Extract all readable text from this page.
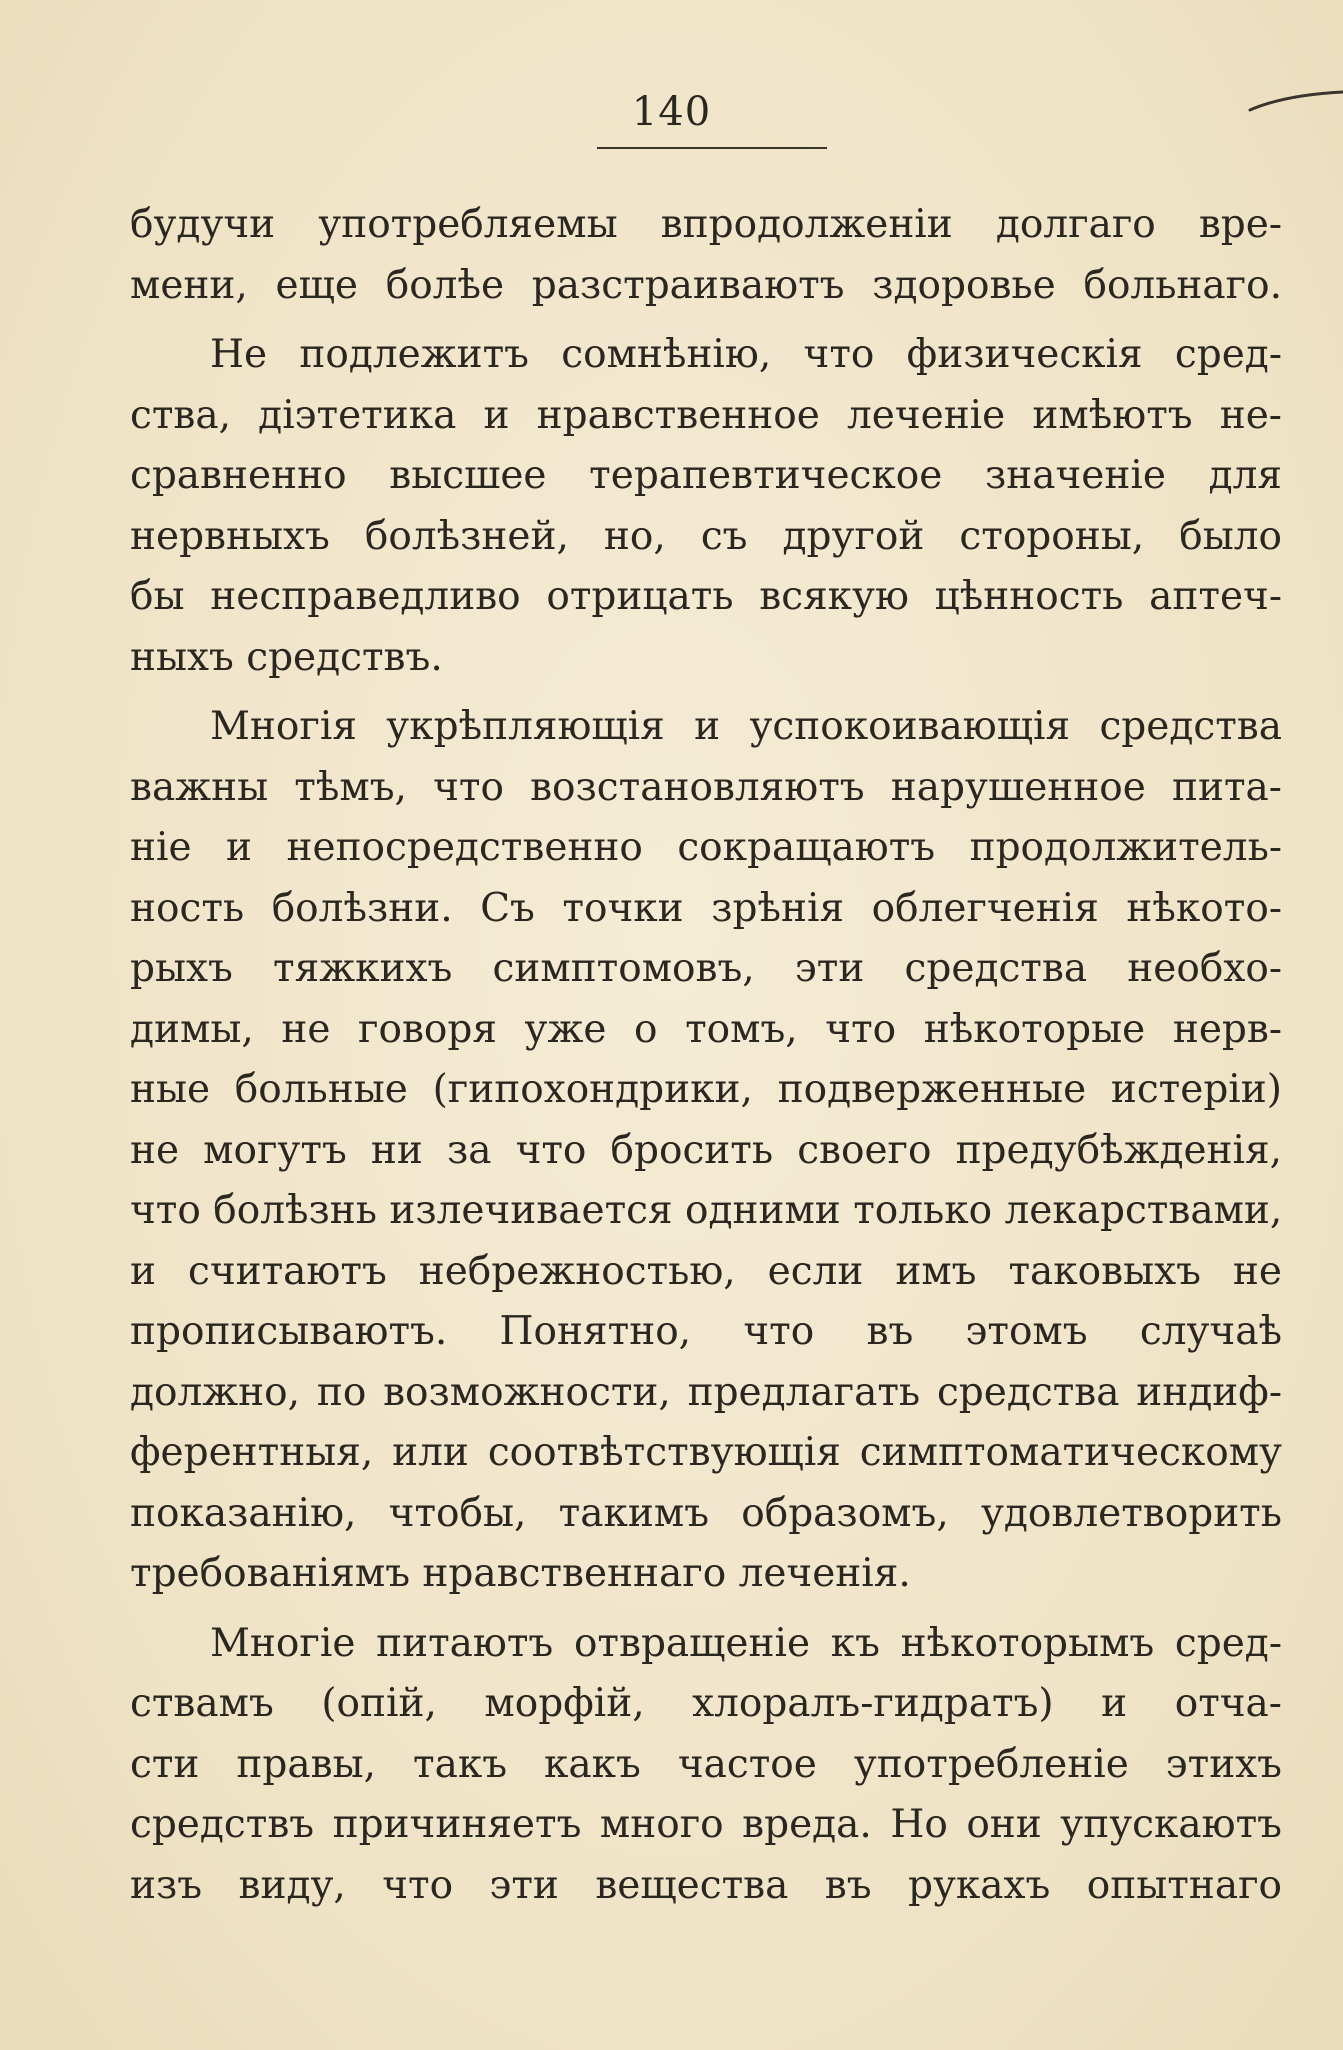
140
будучи употребляемы впродолженіи долгаго вре-
мени, еще болѣе разстраиваютъ здоровье больнаго.
Не подлежитъ сомнѣнію, что физическія сред-
ства, діэтетика и нравственное леченіе имѣютъ не-
сравненно высшее терапевтическое значеніе для
нервныхъ болѣзней, но, съ другой стороны, было
бы несправедливо отрицать всякую цѣнность аптеч-
ныхъ средствъ.
Многія укрѣпляющія и успокоивающія средства
важны тѣмъ, что возстановляютъ нарушенное пита-
ніе и непосредственно сокращаютъ продолжитель-
ность болѣзни. Съ точки зрѣнія облегченія нѣкото-
рыхъ тяжкихъ симптомовъ, эти средства необхо-
димы, не говоря уже о томъ, что нѣкоторые нерв-
ные больные (гипохондрики, подверженные истеріи)
не могутъ ни за что бросить своего предубѣжденія,
что болѣзнь излечивается одними только лекарствами,
и считаютъ небрежностью, если имъ таковыхъ не
прописываютъ. Понятно, что въ этомъ случаѣ
должно, по возможности, предлагать средства индиф-
ферентныя, или соотвѣтствующія симптоматическому
показанію, чтобы, такимъ образомъ, удовлетворить
требованіямъ нравственнаго леченія.
Многіе питаютъ отвращеніе къ нѣкоторымъ сред-
ствамъ (опій, морфій, хлоралъ-гидратъ) и отча-
сти правы, такъ какъ частое употребленіе этихъ
средствъ причиняетъ много вреда. Но они упускаютъ
изъ виду, что эти вещества въ рукахъ опытнаго
